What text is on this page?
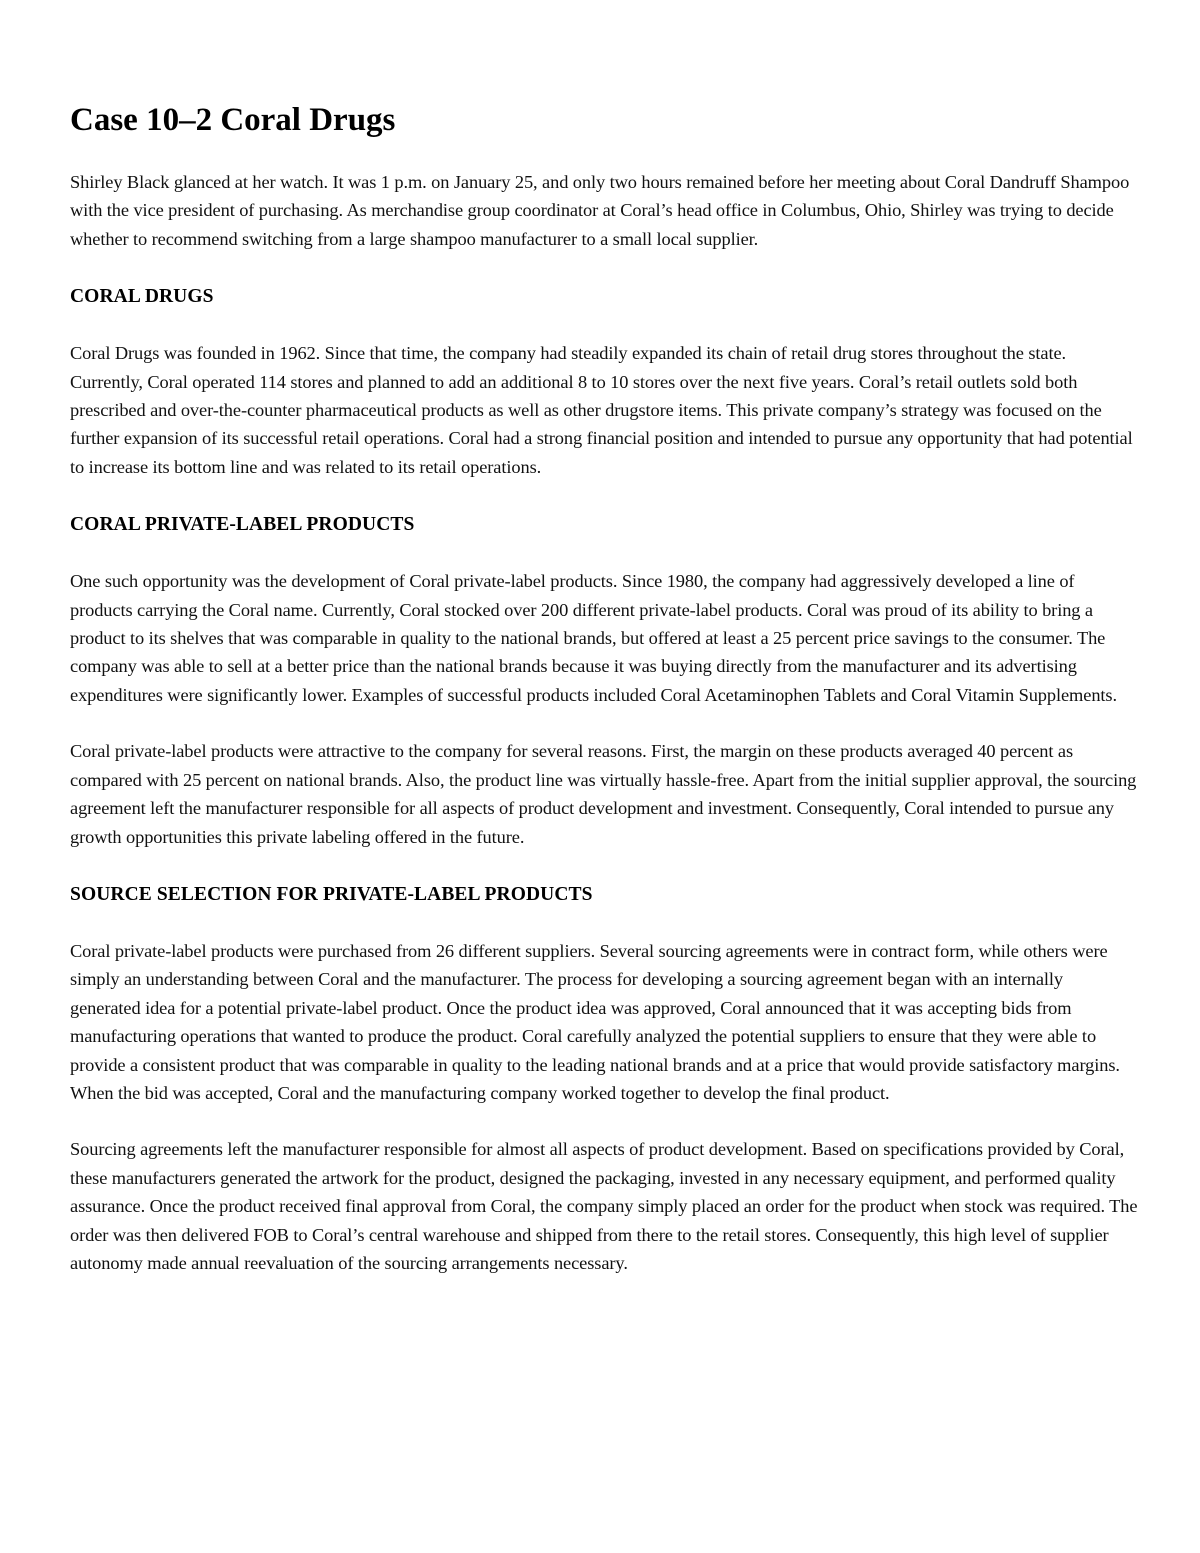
Case 10–2 Coral Drugs

Shirley Black glanced at her watch. It was 1 p.m. on January 25, and only two hours remained before her meeting about Coral Dandruff Shampoo with the vice president of purchasing. As merchandise group coordinator at Coral’s head office in Columbus, Ohio, Shirley was trying to decide whether to recommend switching from a large shampoo manufacturer to a small local supplier.

CORAL DRUGS

Coral Drugs was founded in 1962. Since that time, the company had steadily expanded its chain of retail drug stores throughout the state. Currently, Coral operated 114 stores and planned to add an additional 8 to 10 stores over the next five years. Coral’s retail outlets sold both prescribed and over-the-counter pharmaceutical products as well as other drugstore items. This private company’s strategy was focused on the further expansion of its successful retail operations. Coral had a strong financial position and intended to pursue any opportunity that had potential to increase its bottom line and was related to its retail operations.

CORAL PRIVATE-LABEL PRODUCTS

One such opportunity was the development of Coral private-label products. Since 1980, the company had aggressively developed a line of products carrying the Coral name. Currently, Coral stocked over 200 different private-label products. Coral was proud of its ability to bring a product to its shelves that was comparable in quality to the national brands, but offered at least a 25 percent price savings to the consumer. The company was able to sell at a better price than the national brands because it was buying directly from the manufacturer and its advertising expenditures were significantly lower. Examples of successful products included Coral Acetaminophen Tablets and Coral Vitamin Supplements.

Coral private-label products were attractive to the company for several reasons. First, the margin on these products averaged 40 percent as compared with 25 percent on national brands. Also, the product line was virtually hassle-free. Apart from the initial supplier approval, the sourcing agreement left the manufacturer responsible for all aspects of product development and investment. Consequently, Coral intended to pursue any growth opportunities this private labeling offered in the future.

SOURCE SELECTION FOR PRIVATE-LABEL PRODUCTS

Coral private-label products were purchased from 26 different suppliers. Several sourcing agreements were in contract form, while others were simply an understanding between Coral and the manufacturer. The process for developing a sourcing agreement began with an internally generated idea for a potential private-label product. Once the product idea was approved, Coral announced that it was accepting bids from manufacturing operations that wanted to produce the product. Coral carefully analyzed the potential suppliers to ensure that they were able to provide a consistent product that was comparable in quality to the leading national brands and at a price that would provide satisfactory margins. When the bid was accepted, Coral and the manufacturing company worked together to develop the final product.

Sourcing agreements left the manufacturer responsible for almost all aspects of product development. Based on specifications provided by Coral, these manufacturers generated the artwork for the product, designed the packaging, invested in any necessary equipment, and performed quality assurance. Once the product received final approval from Coral, the company simply placed an order for the product when stock was required. The order was then delivered FOB to Coral’s central warehouse and shipped from there to the retail stores. Consequently, this high level of supplier autonomy made annual reevaluation of the sourcing arrangements necessary.
